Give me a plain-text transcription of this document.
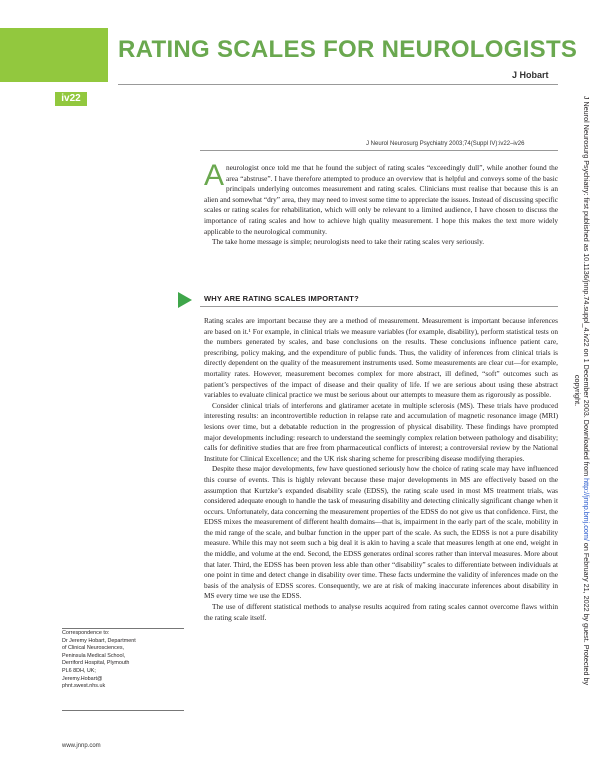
RATING SCALES FOR NEUROLOGISTS
J Hobart
iv22
J Neurol Neurosurg Psychiatry 2003;74(Suppl IV):iv22–iv26

Aneurologist once told me that he found the subject of rating scales “exceedingly dull”, while another found the area “abstruse”. I have therefore attempted to produce an overview that is helpful and conveys some of the basic principals underlying outcomes measurement and rating scales. Clinicians must realise that because this is an alien and somewhat “dry” area, they may need to invest some time to appreciate the issues. Instead of discussing specific scales or rating scales for rehabilitation, which will only be relevant to a limited audience, I have chosen to discuss the importance of rating scales and how to achieve high quality measurement. I hope this makes the text more widely applicable to the neurological community.

The take home message is simple; neurologists need to take their rating scales very seriously.

WHY ARE RATING SCALES IMPORTANT?

Rating scales are important because they are a method of measurement. Measurement is important because inferences are based on it.¹ For example, in clinical trials we measure variables (for example, disability), perform statistical tests on the numbers generated by scales, and base conclusions on the results. These conclusions influence patient care, prescribing, policy making, and the expenditure of public funds. Thus, the validity of inferences from clinical trials is directly dependent on the quality of the measurement instruments used. Some measurements are clear cut—for example, mortality rates. However, measurement becomes complex for more abstract, ill defined, “soft” outcomes such as patient’s perspectives of the impact of disease and their quality of life. If we are serious about using these abstract variables to evaluate clinical practice we must be serious about our attempts to measure them as rigorously as possible.

Consider clinical trials of interferons and glatiramer acetate in multiple sclerosis (MS). These trials have produced interesting results: an incontrovertible reduction in relapse rate and accumulation of magnetic resonance image (MRI) lesions over time, but a debatable reduction in the progression of physical disability. These findings have prompted major developments including: research to understand the seemingly complex relation between pathology and disability; calls for definitive studies that are free from pharmaceutical conflicts of interest; a controversial review by the National Institute for Clinical Excellence; and the UK risk sharing scheme for prescribing disease modifying therapies.

Despite these major developments, few have questioned seriously how the choice of rating scale may have influenced this course of events. This is highly relevant because these major developments in MS are effectively based on the assumption that Kurtzke’s expanded disability scale (EDSS), the rating scale used in most MS treatment trials, was considered adequate enough to handle the task of measuring disability and detecting clinically significant change when it occurs. Unfortunately, data concerning the measurement properties of the EDSS do not give us that confidence. First, the EDSS mixes the measurement of different health domains—that is, impairment in the early part of the scale, mobility in the mid range of the scale, and bulbar function in the upper part of the scale. As such, the EDSS is not a pure disability measure. While this may not seem such a big deal it is akin to having a scale that measures length at one end, weight in the middle, and volume at the end. Second, the EDSS generates ordinal scores rather than interval measures. More about that later. Third, the EDSS has been proven less able than other “disability” scales to differentiate between individuals at one point in time and detect change in disability over time. These facts undermine the validity of inferences made on the basis of the analysis of EDSS scores. Consequently, we are at risk of making inaccurate inferences about disability in MS every time we use the EDSS.

The use of different statistical methods to analyse results acquired from rating scales cannot overcome flaws within the rating scale itself.

Correspondence to:
Dr Jeremy Hobart, Department
of Clinical Neurosciences,
Peninsula Medical School,
Derriford Hospital, Plymouth
PL6 8DH, UK;
Jeremy.Hobart@
phnt.swest.nhs.uk
www.jnnp.com
J Neurol Neurosurg Psychiatry: first published as 10.1136/jnnp.74.suppl_4.iv22 on 1 December 2003. Downloaded from http://jnnp.bmj.com/ on February 21, 2022 by guest. Protected by
copyright.
